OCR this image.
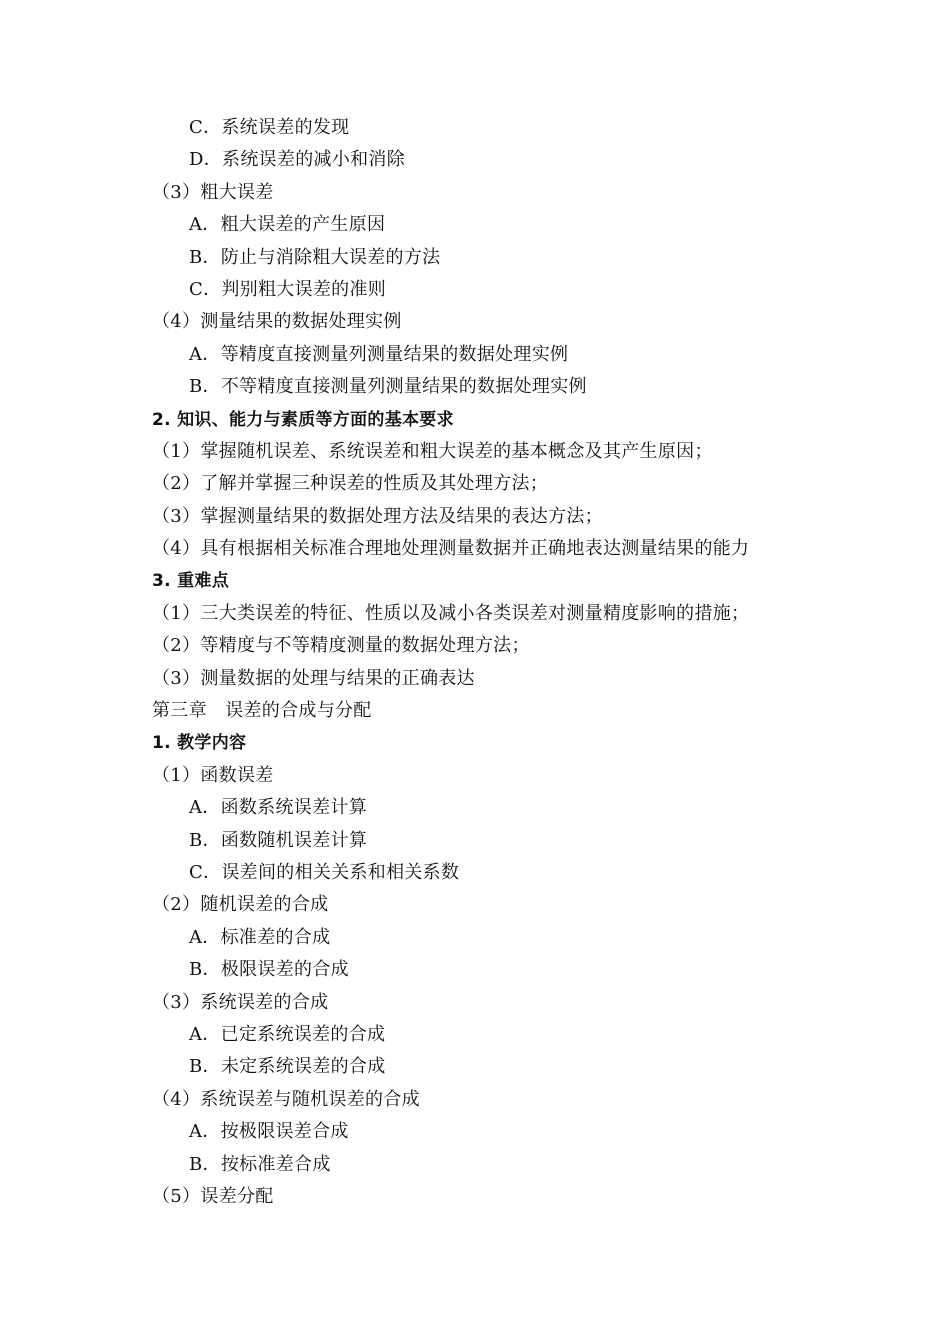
C．系统误差的发现
D．系统误差的减小和消除
（3）粗大误差
A．粗大误差的产生原因
B．防止与消除粗大误差的方法
C．判别粗大误差的准则
（4）测量结果的数据处理实例
A．等精度直接测量列测量结果的数据处理实例
B．不等精度直接测量列测量结果的数据处理实例
2. 知识、能力与素质等方面的基本要求
（1）掌握随机误差、系统误差和粗大误差的基本概念及其产生原因；
（2）了解并掌握三种误差的性质及其处理方法；
（3）掌握测量结果的数据处理方法及结果的表达方法；
（4）具有根据相关标准合理地处理测量数据并正确地表达测量结果的能力
3. 重难点
（1）三大类误差的特征、性质以及减小各类误差对测量精度影响的措施；
（2）等精度与不等精度测量的数据处理方法；
（3）测量数据的处理与结果的正确表达
第三章　误差的合成与分配
1. 教学内容
（1）函数误差
A．函数系统误差计算
B．函数随机误差计算
C．误差间的相关关系和相关系数
（2）随机误差的合成
A．标准差的合成
B．极限误差的合成
（3）系统误差的合成
A．已定系统误差的合成
B．未定系统误差的合成
（4）系统误差与随机误差的合成
A．按极限误差合成
B．按标准差合成
（5）误差分配
